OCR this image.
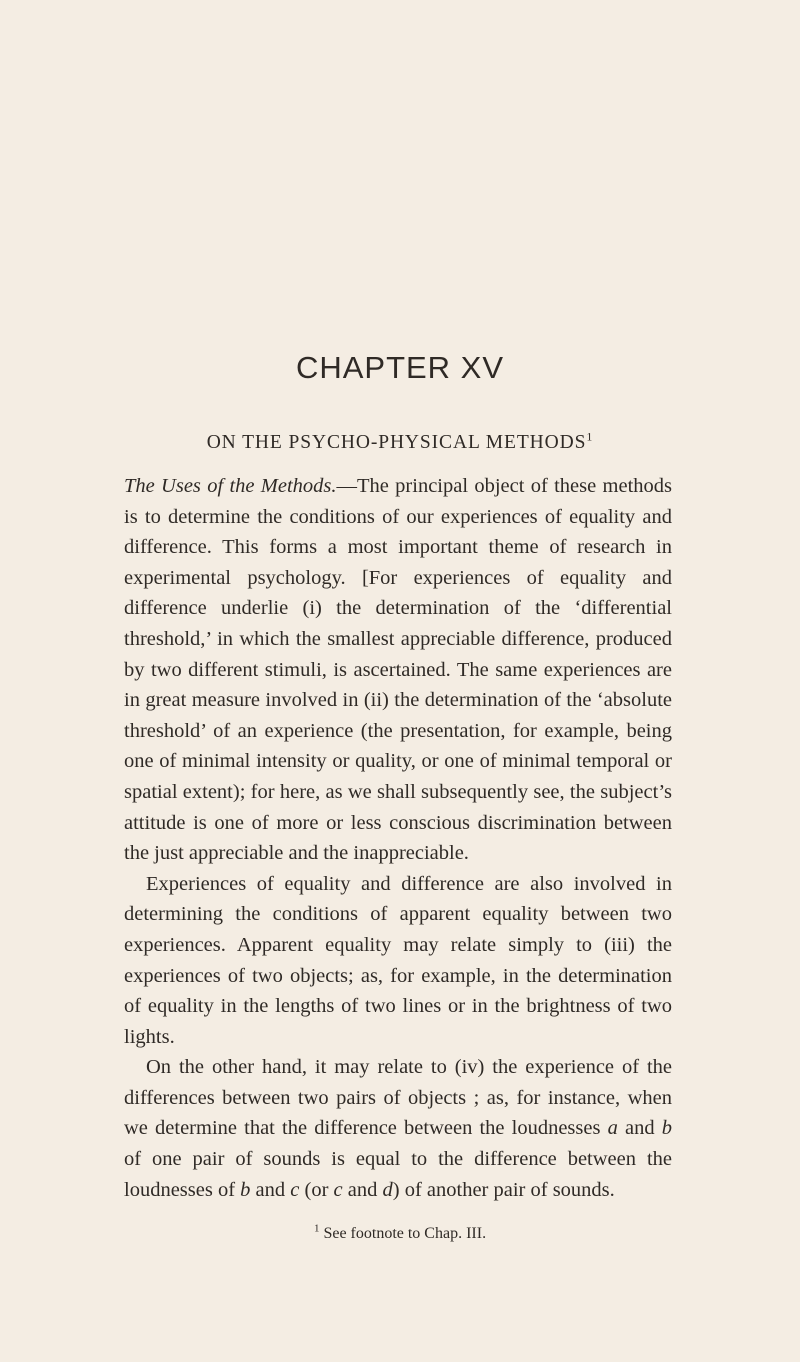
CHAPTER XV
ON THE PSYCHO-PHYSICAL METHODS$^1$

The Uses of the Methods.—The principal object of these methods is to determine the conditions of our experiences of equality and difference. This forms a most important theme of research in experimental psychology. [For experiences of equality and difference underlie (i) the determination of the ‘differential threshold,’ in which the smallest appreciable difference, produced by two different stimuli, is ascertained. The same experiences are in great measure involved in (ii) the determination of the ‘absolute threshold’ of an experience (the presentation, for example, being one of minimal intensity or quality, or one of minimal temporal or spatial extent); for here, as we shall subsequently see, the subject’s attitude is one of more or less conscious discrimination between the just appreciable and the inappreciable.

Experiences of equality and difference are also involved in determining the conditions of apparent equality between two experiences. Apparent equality may relate simply to (iii) the experiences of two objects; as, for example, in the determination of equality in the lengths of two lines or in the brightness of two lights.

On the other hand, it may relate to (iv) the experience of the differences between two pairs of objects ; as, for instance, when we determine that the difference between the loudnesses a and b of one pair of sounds is equal to the difference between the loudnesses of b and c (or c and d) of another pair of sounds.

$^1$ See footnote to Chap. III.
